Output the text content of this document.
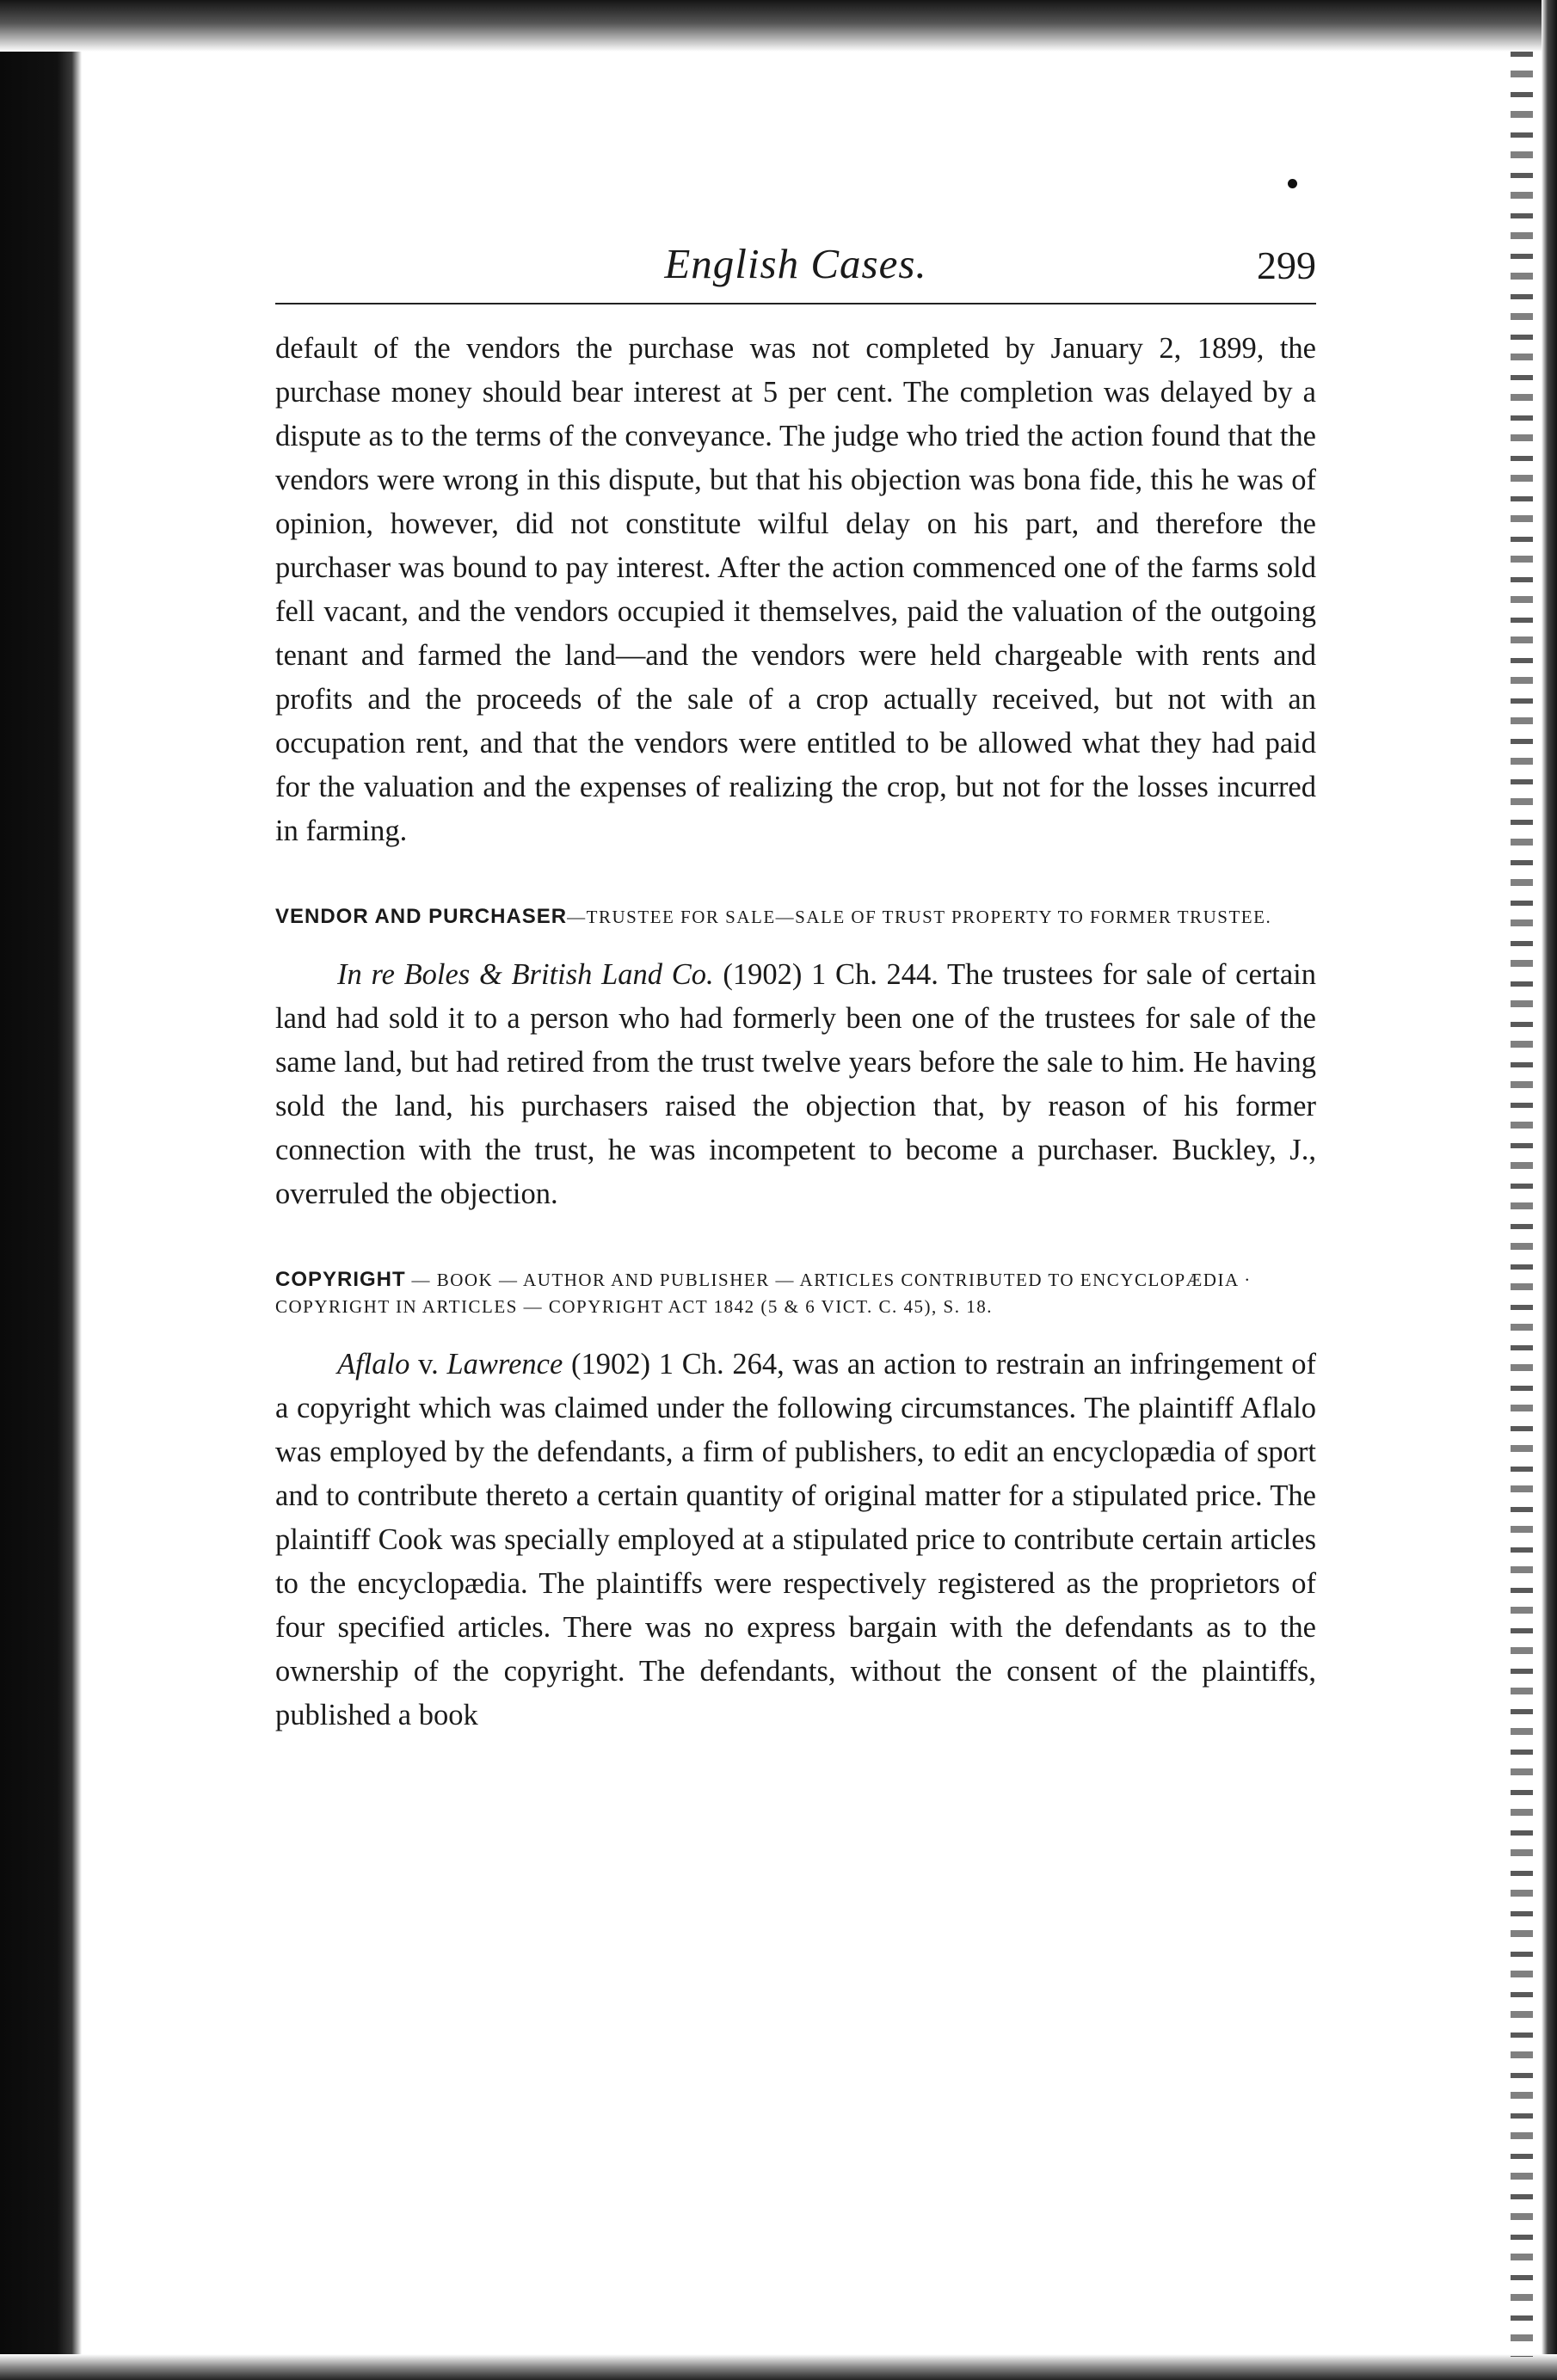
English Cases.	299

default of the vendors the purchase was not completed by January 2, 1899, the purchase money should bear interest at 5 per cent. The completion was delayed by a dispute as to the terms of the conveyance. The judge who tried the action found that the vendors were wrong in this dispute, but that his objection was bona fide, this he was of opinion, however, did not constitute wilful delay on his part, and therefore the purchaser was bound to pay interest. After the action commenced one of the farms sold fell vacant, and the vendors occupied it themselves, paid the valuation of the outgoing tenant and farmed the land—and the vendors were held chargeable with rents and profits and the proceeds of the sale of a crop actually received, but not with an occupation rent, and that the vendors were entitled to be allowed what they had paid for the valuation and the expenses of realizing the crop, but not for the losses incurred in farming.

VENDOR AND PURCHASER—TRUSTEE FOR SALE—SALE OF TRUST PROPERTY TO FORMER TRUSTEE.

In re Boles & British Land Co. (1902) 1 Ch. 244. The trustees for sale of certain land had sold it to a person who had formerly been one of the trustees for sale of the same land, but had retired from the trust twelve years before the sale to him. He having sold the land, his purchasers raised the objection that, by reason of his former connection with the trust, he was incompetent to become a purchaser. Buckley, J., overruled the objection.

COPYRIGHT — BOOK — AUTHOR AND PUBLISHER — ARTICLES CONTRIBUTED TO ENCYCLOPÆDIA · COPYRIGHT IN ARTICLES — COPYRIGHT ACT 1842 (5 & 6 VICT. C. 45), S. 18.

Aflalo v. Lawrence (1902) 1 Ch. 264, was an action to restrain an infringement of a copyright which was claimed under the following circumstances. The plaintiff Aflalo was employed by the defendants, a firm of publishers, to edit an encyclopædia of sport and to contribute thereto a certain quantity of original matter for a stipulated price. The plaintiff Cook was specially employed at a stipulated price to contribute certain articles to the encyclopædia. The plaintiffs were respectively registered as the proprietors of four specified articles. There was no express bargain with the defendants as to the ownership of the copyright. The defendants, without the consent of the plaintiffs, published a book
